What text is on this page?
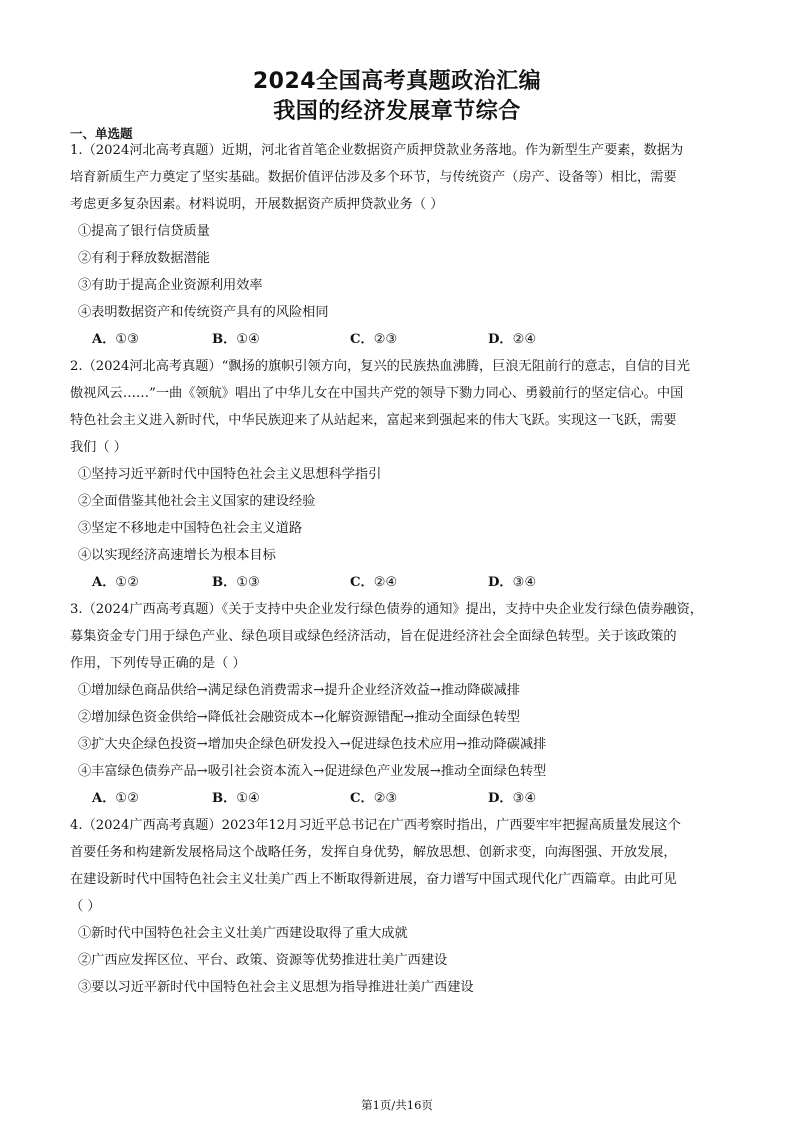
2024全国高考真题政治汇编
我国的经济发展章节综合
一、单选题
1.（2024河北高考真题）近期，河北省首笔企业数据资产质押贷款业务落地。作为新型生产要素，数据为
培育新质生产力奠定了坚实基础。数据价值评估涉及多个环节，与传统资产（房产、设备等）相比，需要
考虑更多复杂因素。材料说明，开展数据资产质押贷款业务（ ）
①提高了银行信贷质量
②有利于释放数据潜能
③有助于提高企业资源利用效率
④表明数据资产和传统资产具有的风险相同
A．①③	B．①④	C．②③	D．②④
2.（2024河北高考真题）“飘扬的旗帜引领方向，复兴的民族热血沸腾，巨浪无阻前行的意志，自信的目光
傲视风云……”一曲《领航》唱出了中华儿女在中国共产党的领导下勠力同心、勇毅前行的坚定信心。中国
特色社会主义进入新时代，中华民族迎来了从站起来，富起来到强起来的伟大飞跃。实现这一飞跃，需要
我们（ ）
①坚持习近平新时代中国特色社会主义思想科学指引
②全面借鉴其他社会主义国家的建设经验
③坚定不移地走中国特色社会主义道路
④以实现经济高速增长为根本目标
A．①②	B．①③	C．②④	D．③④
3.（2024广西高考真题）《关于支持中央企业发行绿色债券的通知》提出，支持中央企业发行绿色债券融资，
募集资金专门用于绿色产业、绿色项目或绿色经济活动，旨在促进经济社会全面绿色转型。关于该政策的
作用，下列传导正确的是（ ）
①增加绿色商品供给→满足绿色消费需求→提升企业经济效益→推动降碳减排
②增加绿色资金供给→降低社会融资成本→化解资源错配→推动全面绿色转型
③扩大央企绿色投资→增加央企绿色研发投入→促进绿色技术应用→推动降碳减排
④丰富绿色债券产品→吸引社会资本流入→促进绿色产业发展→推动全面绿色转型
A．①②	B．①④	C．②③	D．③④
4.（2024广西高考真题）2023年12月习近平总书记在广西考察时指出，广西要牢牢把握高质量发展这个
首要任务和构建新发展格局这个战略任务，发挥自身优势，解放思想、创新求变，向海图强、开放发展，
在建设新时代中国特色社会主义壮美广西上不断取得新进展，奋力谱写中国式现代化广西篇章。由此可见
（ ）
①新时代中国特色社会主义壮美广西建设取得了重大成就
②广西应发挥区位、平台、政策、资源等优势推进壮美广西建设
③要以习近平新时代中国特色社会主义思想为指导推进壮美广西建设
第1页/共16页
